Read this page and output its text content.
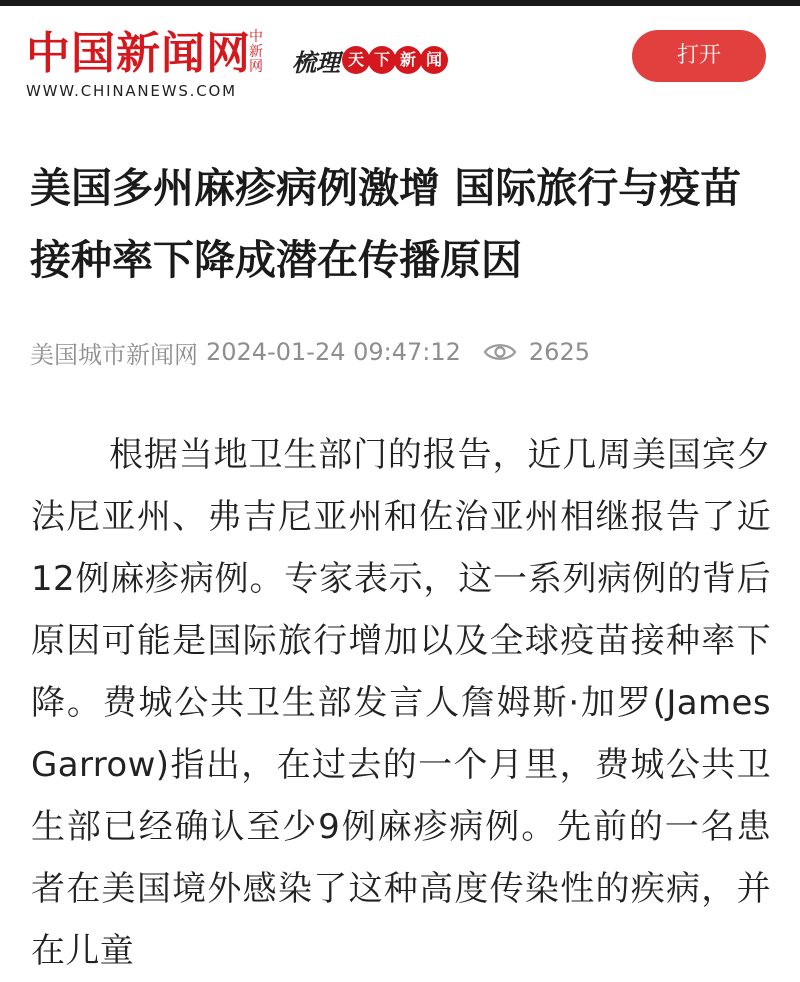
中国新闻网
中
新
网
WWW.CHINANEWS.COM
梳理 天 下 新 闻	打开
美国多州麻疹病例激增 国际旅行与疫苗接种率下降成潜在传播原因
美国城市新闻网 2024-01-24 09:47:12	2625

根据当地卫生部门的报告，近几周美国宾夕法尼亚州、弗吉尼亚州和佐治亚州相继报告了近12例麻疹病例。专家表示，这一系列病例的背后原因可能是国际旅行增加以及全球疫苗接种率下降。费城公共卫生部发言人詹姆斯·加罗(James Garrow)指出，在过去的一个月里，费城公共卫生部已经确认至少9例麻疹病例。先前的一名患者在美国境外感染了这种高度传染性的疾病，并在儿童
